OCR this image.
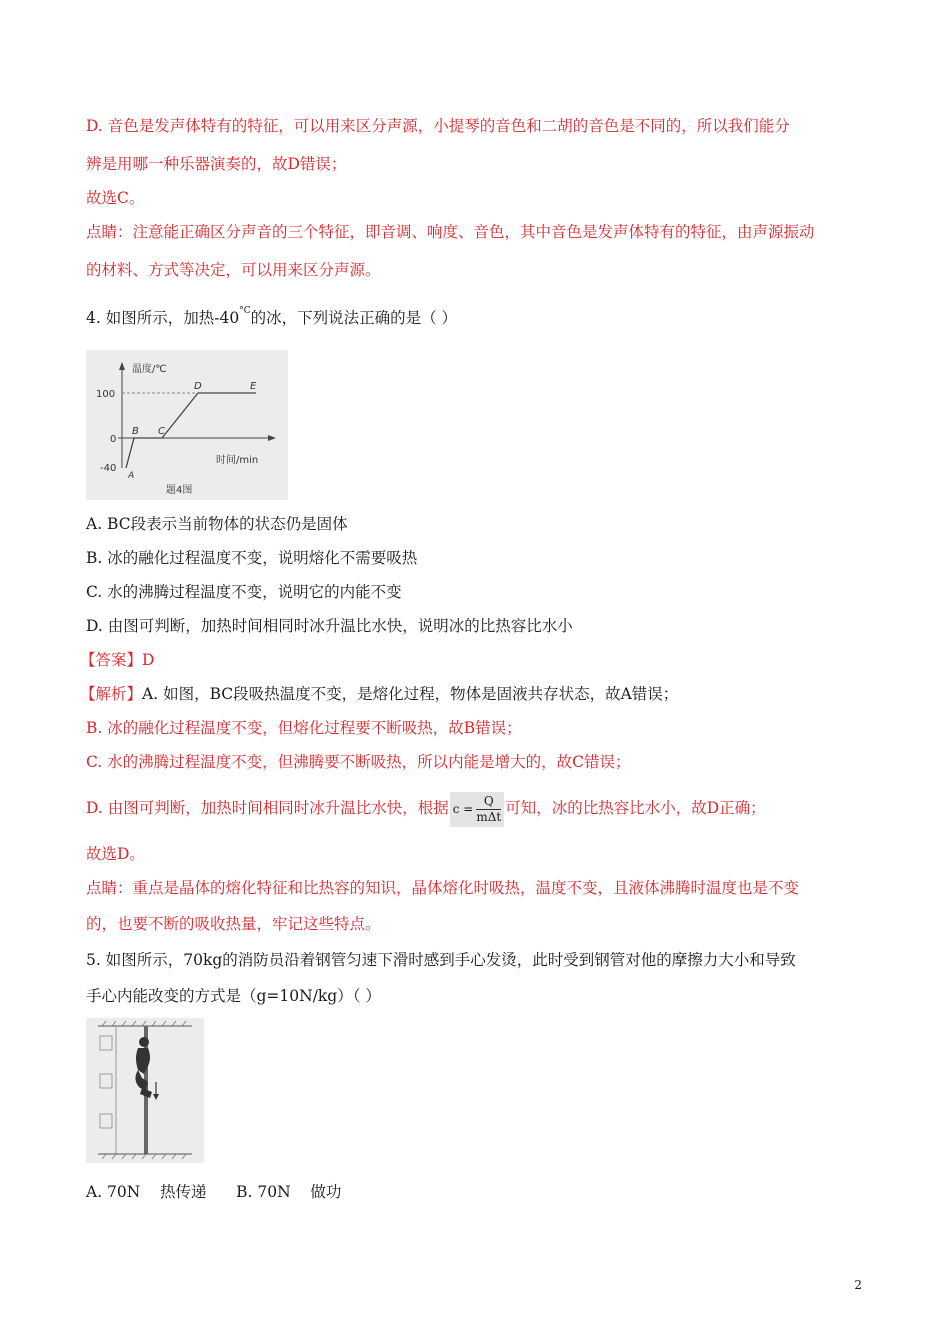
D. 音色是发声体特有的特征，可以用来区分声源，小提琴的音色和二胡的音色是不同的，所以我们能分
辨是用哪一种乐器演奏的，故D错误；
故选C。
点睛：注意能正确区分声音的三个特征，即音调、响度、音色，其中音色是发声体特有的特征，由声源振动
的材料、方式等决定，可以用来区分声源。
4. 如图所示，加热$-40^{^\circ C}$的冰，下列说法正确的是（ ）
温度/℃
时间/min
100
0
-40
A
B C
D	E
题4图
A. BC段表示当前物体的状态仍是固体
B. 冰的融化过程温度不变，说明熔化不需要吸热
C. 水的沸腾过程温度不变，说明它的内能不变
D. 由图可判断，加热时间相同时冰升温比水快，说明冰的比热容比水小
【答案】D
【解析】A. 如图，BC段吸热温度不变，是熔化过程，物体是固液共存状态，故A错误；
B. 冰的融化过程温度不变，但熔化过程要不断吸热，故B错误；
C. 水的沸腾过程温度不变，但沸腾要不断吸热，所以内能是增大的，故C错误；
D. 由图可判断，加热时间相同时冰升温比水快，根据 $c = \frac{Q}{\text{mΔt}}$ 可知，冰的比热容比水小，故D正确；
故选D。
点睛：重点是晶体的熔化特征和比热容的知识，晶体熔化时吸热，温度不变，且液体沸腾时温度也是不变
的，也要不断的吸收热量，牢记这些特点。
5. 如图所示，70kg的消防员沿着钢管匀速下滑时感到手心发烫，此时受到钢管对他的摩擦力大小和导致
手心内能改变的方式是（g=10N/kg）（ ）
A. 70N    热传递      B. 70N    做功
2
